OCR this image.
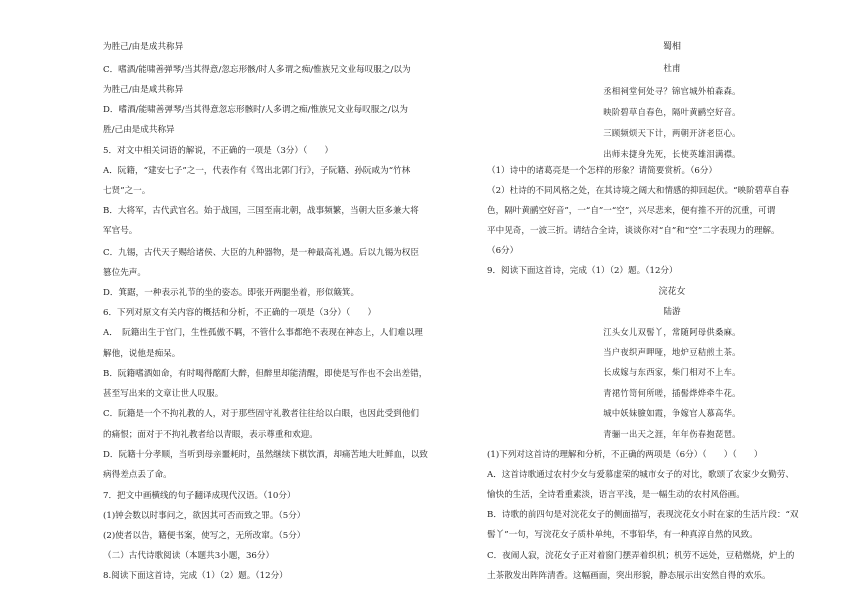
为胜己/由是成共称异
C．嗜酒/能啸善弹琴/当其得意/忽忘形骸/时人多谓之痴/惟族兄文业每叹服之/以为
为胜己/由是咸共称异
D．嗜酒/能啸善弹琴/当其得意忽忘形骸时/人多谓之痴/惟族兄文业每叹服之/以为
胜/己由是成共称异
5．对文中相关词语的解说，不正确的一项是（3分）（　　）
A．阮籍，“建安七子”之一，代表作有《驾出北郭门行》，子阮籍、孙阮咸为“竹林
七贤”之一。
B．大将军，古代武官名。始于战国，三国至南北朝，战事频繁，当朝大臣多兼大将
军官号。
C．九锡，古代天子赐给诸侯、大臣的九种器物，是一种最高礼遇。后以九锡为权臣
篡位先声。
D．箕踞，一种表示礼节的坐的姿态。即张开两腿坐着，形似簸箕。
6．下列对原文有关内容的概括和分析，不正确的一项是（3分）（　　）
A．　阮籍出生于官门，生性孤傲不羁，不管什么事都绝不表现在神态上，人们难以理
解他，说他是痴呆。
B．阮籍嗜酒如命，有时喝得酩酊大醉，但醉里却能清醒，即使是写作也不会出差错，
甚至写出来的文章让世人叹服。
C．阮籍是一个不拘礼教的人，对于那些固守礼教者往往给以白眼，也因此受到他们
的痛恨；面对于不拘礼教者给以青眼，表示尊重和欢迎。
D．阮籍十分孝顺，当听到母亲噩耗时，虽然继续下棋饮酒，却痛苦地大吐鲜血，以致
病得差点丢了命。
7．把文中画横线的句子翻译成现代汉语。（10分）
(1)钟会数以时事问之，欲因其可否而致之罪。（5分）
(2)使者以告，籍便书案，使写之，无所改窜。（5分）
（二）古代诗歌阅读（本题共3小题，36分）
8.阅读下面这首诗，完成（1）（2）题。（12分）
蜀相
杜甫
丞相祠堂何处寻？锦官城外柏森森。
映阶碧草自春色，隔叶黄鹂空好音。
三顾频烦天下计，两朝开济老臣心。
出师未捷身先死，长使英雄泪满襟。
（1）诗中的诸葛亮是一个怎样的形象？请简要赏析。（6分）
（2）杜诗的不同风格之处，在其诗境之阔大和情感的抑回起伏。“映阶碧草自春
色，隔叶黄鹂空好音”，一“自”一“空”，兴尽悲来，便有推不开的沉重，可谓
平中见奇，一波三折。请结合全诗，谈谈你对“自”和“空”二字表现力的理解。
（6分）
9．阅读下面这首诗，完成（1）（2）题。（12分）
浣花女
陆游
江头女儿双髻丫，常随阿母供桑麻。
当户夜织声呷哑，地炉豆秸煎土茶。
长成嫁与东西家，柴门相对不上车。
青裙竹笥何所嗟，插髻烨烨牵牛花。
城中妖妹臉如霞，争嫁官人慕高华。
青骊一出天之涯，年年伤春抱琵琶。
(1)下列对这首诗的理解和分析，不正确的两项是（6分）（　　）（　　）
A．这首诗歌通过农村少女与爱慕虚荣的城市女子的对比，歌颂了农家少女勤劳、
愉快的生活，全诗看重素淡，语言平浅，是一幅生动的农村风俗画。
B．诗歌的前四句是对浣花女子的侧面描写，表现浣花女小时在家的生活片段：“双
髻丫”一句，写浣花女子质朴单纯，不事铅华，有一种真淳自然的风致。
C．夜闹人寂，浣花女子正对着窗门摆弄着织机；机劳不远处，豆秸燃烧，炉上的
土茶散发出阵阵清香。这幅画面，突出形貌，静态展示出安然自得的欢乐。
